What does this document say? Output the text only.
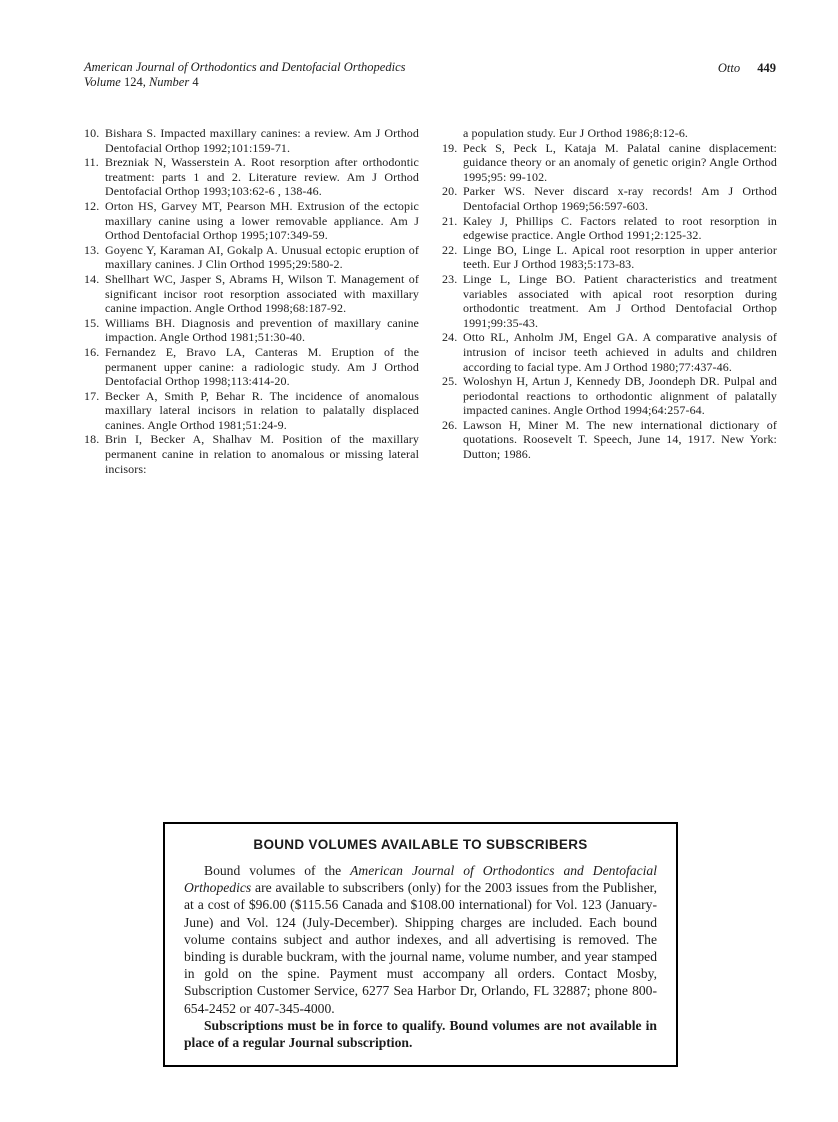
American Journal of Orthodontics and Dentofacial Orthopedics
Volume 124, Number 4
Otto 449
10. Bishara S. Impacted maxillary canines: a review. Am J Orthod Dentofacial Orthop 1992;101:159-71.
11. Brezniak N, Wasserstein A. Root resorption after orthodontic treatment: parts 1 and 2. Literature review. Am J Orthod Dentofacial Orthop 1993;103:62-6 , 138-46.
12. Orton HS, Garvey MT, Pearson MH. Extrusion of the ectopic maxillary canine using a lower removable appliance. Am J Orthod Dentofacial Orthop 1995;107:349-59.
13. Goyenc Y, Karaman AI, Gokalp A. Unusual ectopic eruption of maxillary canines. J Clin Orthod 1995;29:580-2.
14. Shellhart WC, Jasper S, Abrams H, Wilson T. Management of significant incisor root resorption associated with maxillary canine impaction. Angle Orthod 1998;68:187-92.
15. Williams BH. Diagnosis and prevention of maxillary canine impaction. Angle Orthod 1981;51:30-40.
16. Fernandez E, Bravo LA, Canteras M. Eruption of the permanent upper canine: a radiologic study. Am J Orthod Dentofacial Orthop 1998;113:414-20.
17. Becker A, Smith P, Behar R. The incidence of anomalous maxillary lateral incisors in relation to palatally displaced canines. Angle Orthod 1981;51:24-9.
18. Brin I, Becker A, Shalhav M. Position of the maxillary permanent canine in relation to anomalous or missing lateral incisors:
a population study. Eur J Orthod 1986;8:12-6.
19. Peck S, Peck L, Kataja M. Palatal canine displacement: guidance theory or an anomaly of genetic origin? Angle Orthod 1995;95: 99-102.
20. Parker WS. Never discard x-ray records! Am J Orthod Dentofacial Orthop 1969;56:597-603.
21. Kaley J, Phillips C. Factors related to root resorption in edgewise practice. Angle Orthod 1991;2:125-32.
22. Linge BO, Linge L. Apical root resorption in upper anterior teeth. Eur J Orthod 1983;5:173-83.
23. Linge L, Linge BO. Patient characteristics and treatment variables associated with apical root resorption during orthodontic treatment. Am J Orthod Dentofacial Orthop 1991;99:35-43.
24. Otto RL, Anholm JM, Engel GA. A comparative analysis of intrusion of incisor teeth achieved in adults and children according to facial type. Am J Orthod 1980;77:437-46.
25. Woloshyn H, Artun J, Kennedy DB, Joondeph DR. Pulpal and periodontal reactions to orthodontic alignment of palatally impacted canines. Angle Orthod 1994;64:257-64.
26. Lawson H, Miner M. The new international dictionary of quotations. Roosevelt T. Speech, June 14, 1917. New York: Dutton; 1986.
BOUND VOLUMES AVAILABLE TO SUBSCRIBERS

Bound volumes of the American Journal of Orthodontics and Dentofacial Orthopedics are available to subscribers (only) for the 2003 issues from the Publisher, at a cost of $96.00 ($115.56 Canada and $108.00 international) for Vol. 123 (January-June) and Vol. 124 (July-December). Shipping charges are included. Each bound volume contains subject and author indexes, and all advertising is removed. The binding is durable buckram, with the journal name, volume number, and year stamped in gold on the spine. Payment must accompany all orders. Contact Mosby, Subscription Customer Service, 6277 Sea Harbor Dr, Orlando, FL 32887; phone 800-654-2452 or 407-345-4000.

Subscriptions must be in force to qualify. Bound volumes are not available in place of a regular Journal subscription.
